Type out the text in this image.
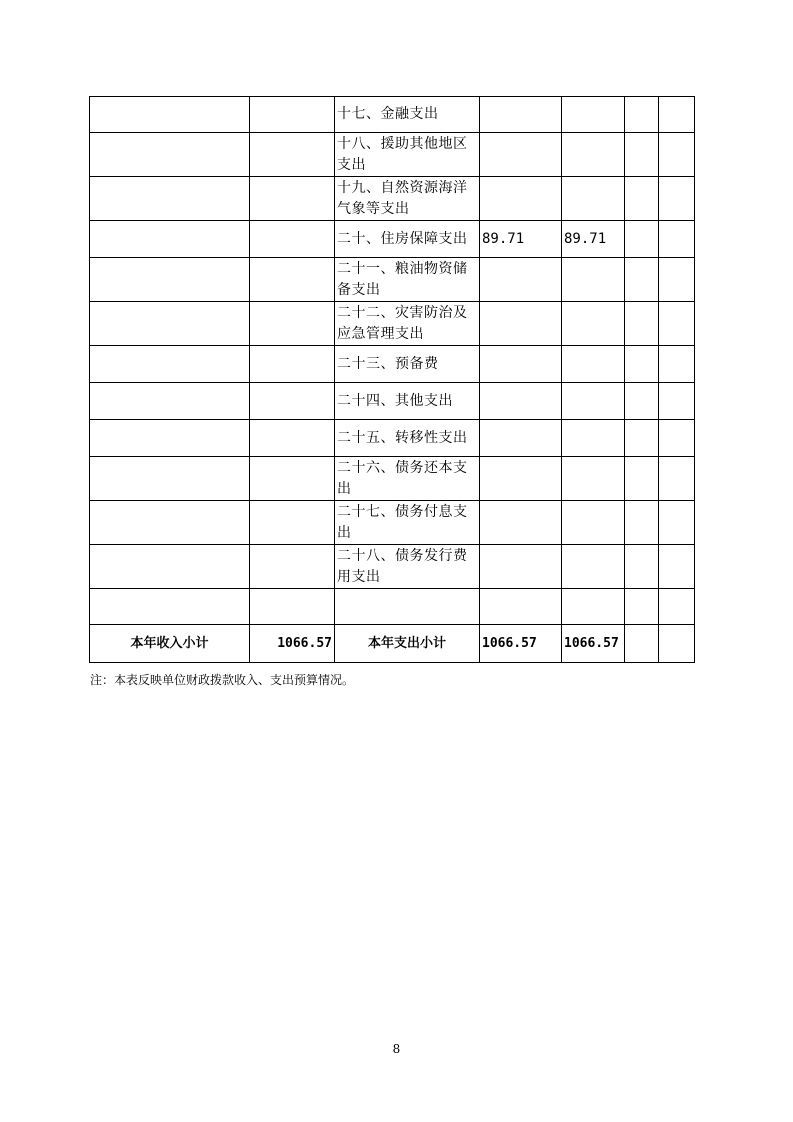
		十七、金融支出				
		十八、援助其他地区支出				
		十九、自然资源海洋气象等支出				
		二十、住房保障支出	89.71	89.71		
		二十一、粮油物资储备支出				
		二十二、灾害防治及应急管理支出				
		二十三、预备费				
		二十四、其他支出				
		二十五、转移性支出				
		二十六、债务还本支出				
		二十七、债务付息支出				
		二十八、债务发行费用支出				

本年收入小计	1066.57	本年支出小计	1066.57	1066.57		
注：本表反映单位财政拨款收入、支出预算情况。
8
